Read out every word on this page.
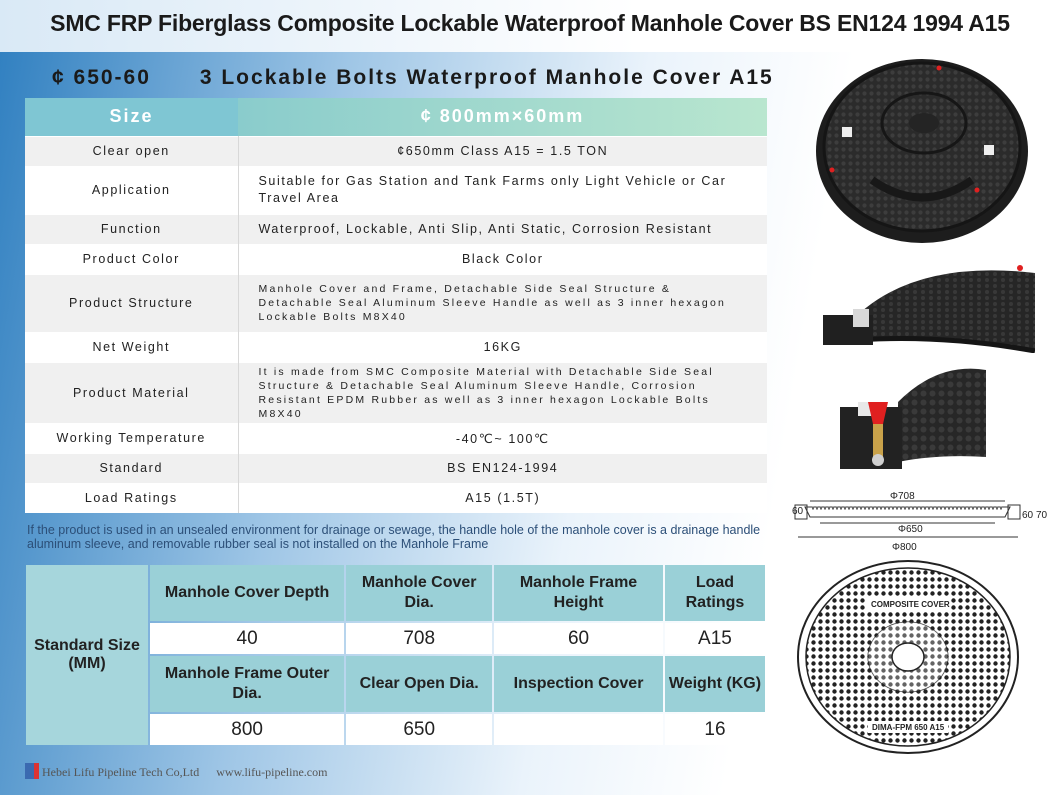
SMC FRP Fiberglass Composite Lockable Waterproof Manhole Cover BS EN124 1994 A15
¢ 650-60 3 Lockable Bolts Waterproof Manhole Cover A15
Size	¢ 800mm×60mm
Clear open	¢650mm Class A15 = 1.5 TON
Application	Suitable for Gas Station and Tank Farms only Light Vehicle or Car Travel Area
Function	Waterproof, Lockable, Anti Slip, Anti Static, Corrosion Resistant
Product Color	Black Color
Product Structure	Manhole Cover and Frame, Detachable Side Seal Structure & Detachable Seal Aluminum Sleeve Handle as well as 3 inner hexagon Lockable Bolts M8X40
Net Weight	16KG
Product Material	It is made from SMC Composite Material with Detachable Side Seal Structure & Detachable Seal Aluminum Sleeve Handle, Corrosion Resistant EPDM Rubber as well as 3 inner hexagon Lockable Bolts M8X40
Working Temperature	-40℃~ 100℃
Standard	BS EN124-1994
Load Ratings	A15 (1.5T)
If the product is used in an unsealed environment for drainage or sewage, the handle hole of the manhole cover is a drainage handle aluminum sleeve, and removable rubber seal is not installed on the Manhole Frame
Standard Size (MM)	Manhole Cover Depth	Manhole Cover Dia.	Manhole Frame Height	Load Ratings
	40	708	60	A15
	Manhole Frame Outer Dia.	Clear Open Dia.	Inspection Cover	Weight (KG)
	800	650		16
Hebei Lifu Pipeline Tech Co,Ltd www.lifu-pipeline.com
Φ708
Φ650
Φ800
60	60 70
COMPOSITE COVER
DIMA-FPM 650 A15
